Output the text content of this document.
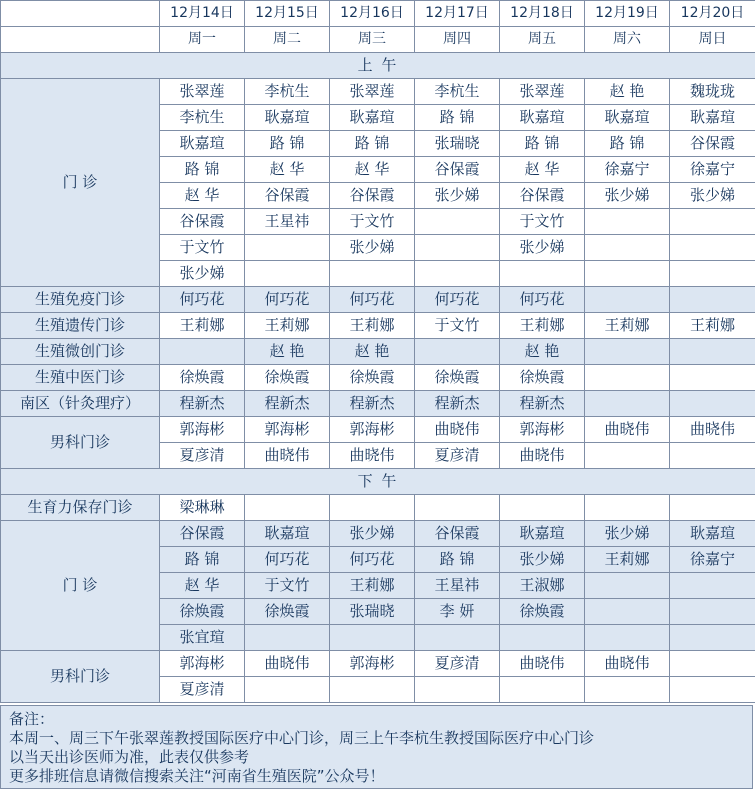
	12月14日	12月15日	12月16日	12月17日	12月18日	12月19日	12月20日
	周一	周二	周三	周四	周五	周六	周日
上 午							
门 诊	张翠莲	李杭生	张翠莲	李杭生	张翠莲	赵 艳	魏珑珑
	李杭生	耿嘉瑄	耿嘉瑄	路 锦	耿嘉瑄	耿嘉瑄	耿嘉瑄
	耿嘉瑄	路 锦	路 锦	张瑞晓	路 锦	路 锦	谷保霞
	路 锦	赵 华	赵 华	谷保霞	赵 华	徐嘉宁	徐嘉宁
	赵 华	谷保霞	谷保霞	张少娣	谷保霞	张少娣	张少娣
	谷保霞	王星祎	于文竹		于文竹		
	于文竹		张少娣		张少娣		
	张少娣						
生殖免疫门诊	何巧花	何巧花	何巧花	何巧花	何巧花		
生殖遗传门诊	王莉娜	王莉娜	王莉娜	于文竹	王莉娜	王莉娜	王莉娜
生殖微创门诊		赵 艳	赵 艳		赵 艳		
生殖中医门诊	徐焕霞	徐焕霞	徐焕霞	徐焕霞	徐焕霞		
南区（针灸理疗）	程新杰	程新杰	程新杰	程新杰	程新杰		
男科门诊	郭海彬	郭海彬	郭海彬	曲晓伟	郭海彬	曲晓伟	曲晓伟
	夏彦清	曲晓伟	曲晓伟	夏彦清	曲晓伟		
下 午							
生育力保存门诊	梁琳琳						
门 诊	谷保霞	耿嘉瑄	张少娣	谷保霞	耿嘉瑄	张少娣	耿嘉瑄
	路 锦	何巧花	何巧花	路 锦	张少娣	王莉娜	徐嘉宁
	赵 华	于文竹	王莉娜	王星祎	王淑娜		
	徐焕霞	徐焕霞	张瑞晓	李 妍	徐焕霞		
	张宜瑄						
男科门诊	郭海彬	曲晓伟	郭海彬	夏彦清	曲晓伟	曲晓伟	
	夏彦清						
备注：
本周一、周三下午张翠莲教授国际医疗中心门诊，周三上午李杭生教授国际医疗中心门诊
以当天出诊医师为准，此表仅供参考
更多排班信息请微信搜索关注“河南省生殖医院”公众号！
